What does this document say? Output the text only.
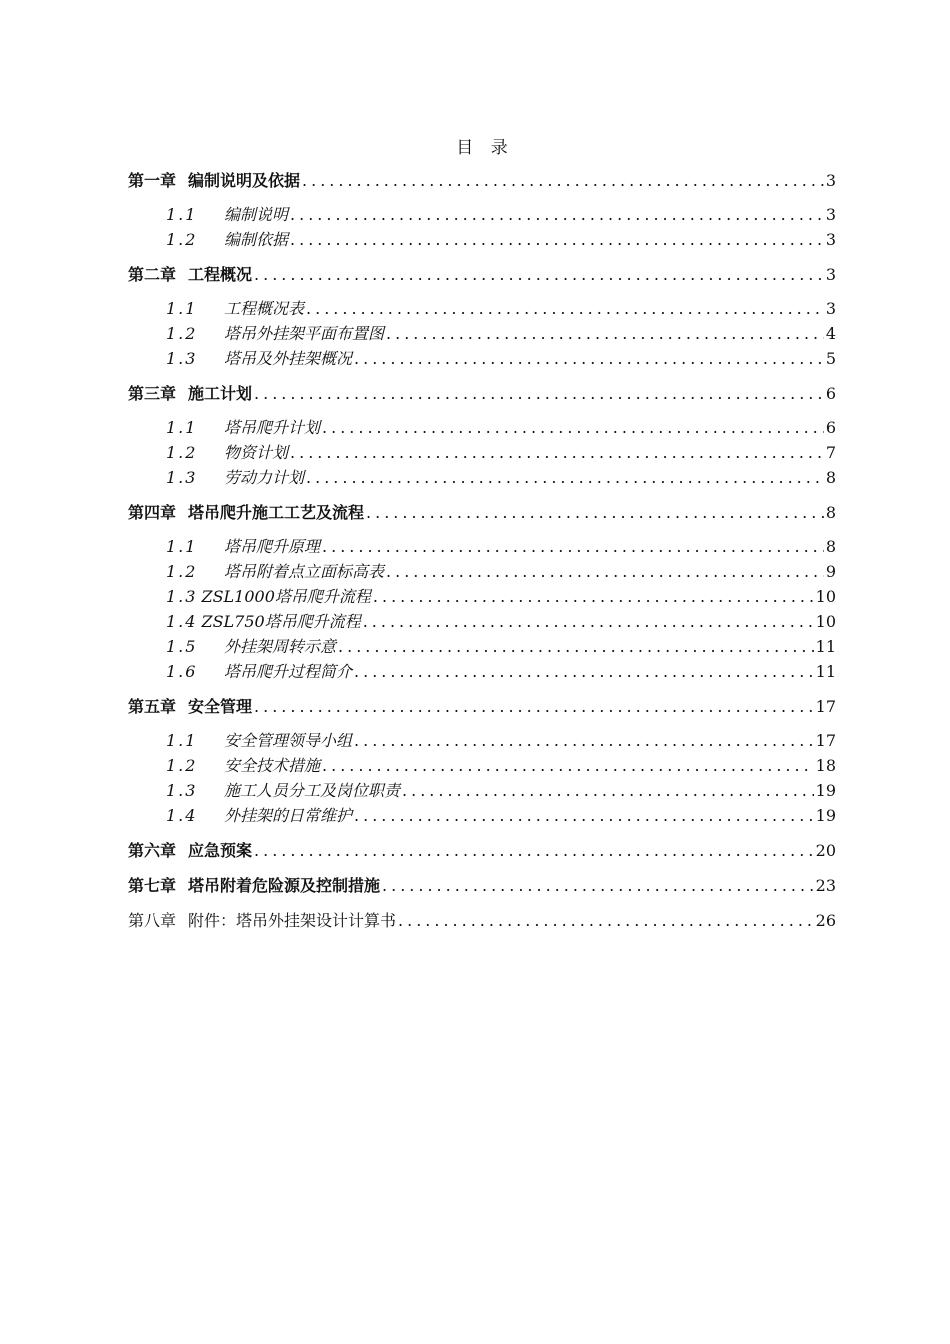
目 录
第一章 编制说明及依据 .....	3
1.1	编制说明 .....	3
1.2	编制依据 .....	3
第二章 工程概况 .....	3
1.1	工程概况表 .....	3
1.2	塔吊外挂架平面布置图 .....	4
1.3	塔吊及外挂架概况 .....	5
第三章 施工计划 .....	6
1.1	塔吊爬升计划 .....	6
1.2	物资计划 .....	7
1.3	劳动力计划 .....	8
第四章 塔吊爬升施工工艺及流程 .....	8
1.1	塔吊爬升原理 .....	8
1.2	塔吊附着点立面标高表 .....	9
1.3 ZSL1000塔吊爬升流程 .....	10
1.4 ZSL750塔吊爬升流程 .....	10
1.5	外挂架周转示意 .....	11
1.6	塔吊爬升过程简介 .....	11
第五章 安全管理 .....	17
1.1	安全管理领导小组 .....	17
1.2	安全技术措施 .....	18
1.3	施工人员分工及岗位职责 .....	19
1.4	外挂架的日常维护 .....	19
第六章 应急预案 .....	20
第七章 塔吊附着危险源及控制措施 .....	23
第八章 附件：塔吊外挂架设计计算书 .....	26
